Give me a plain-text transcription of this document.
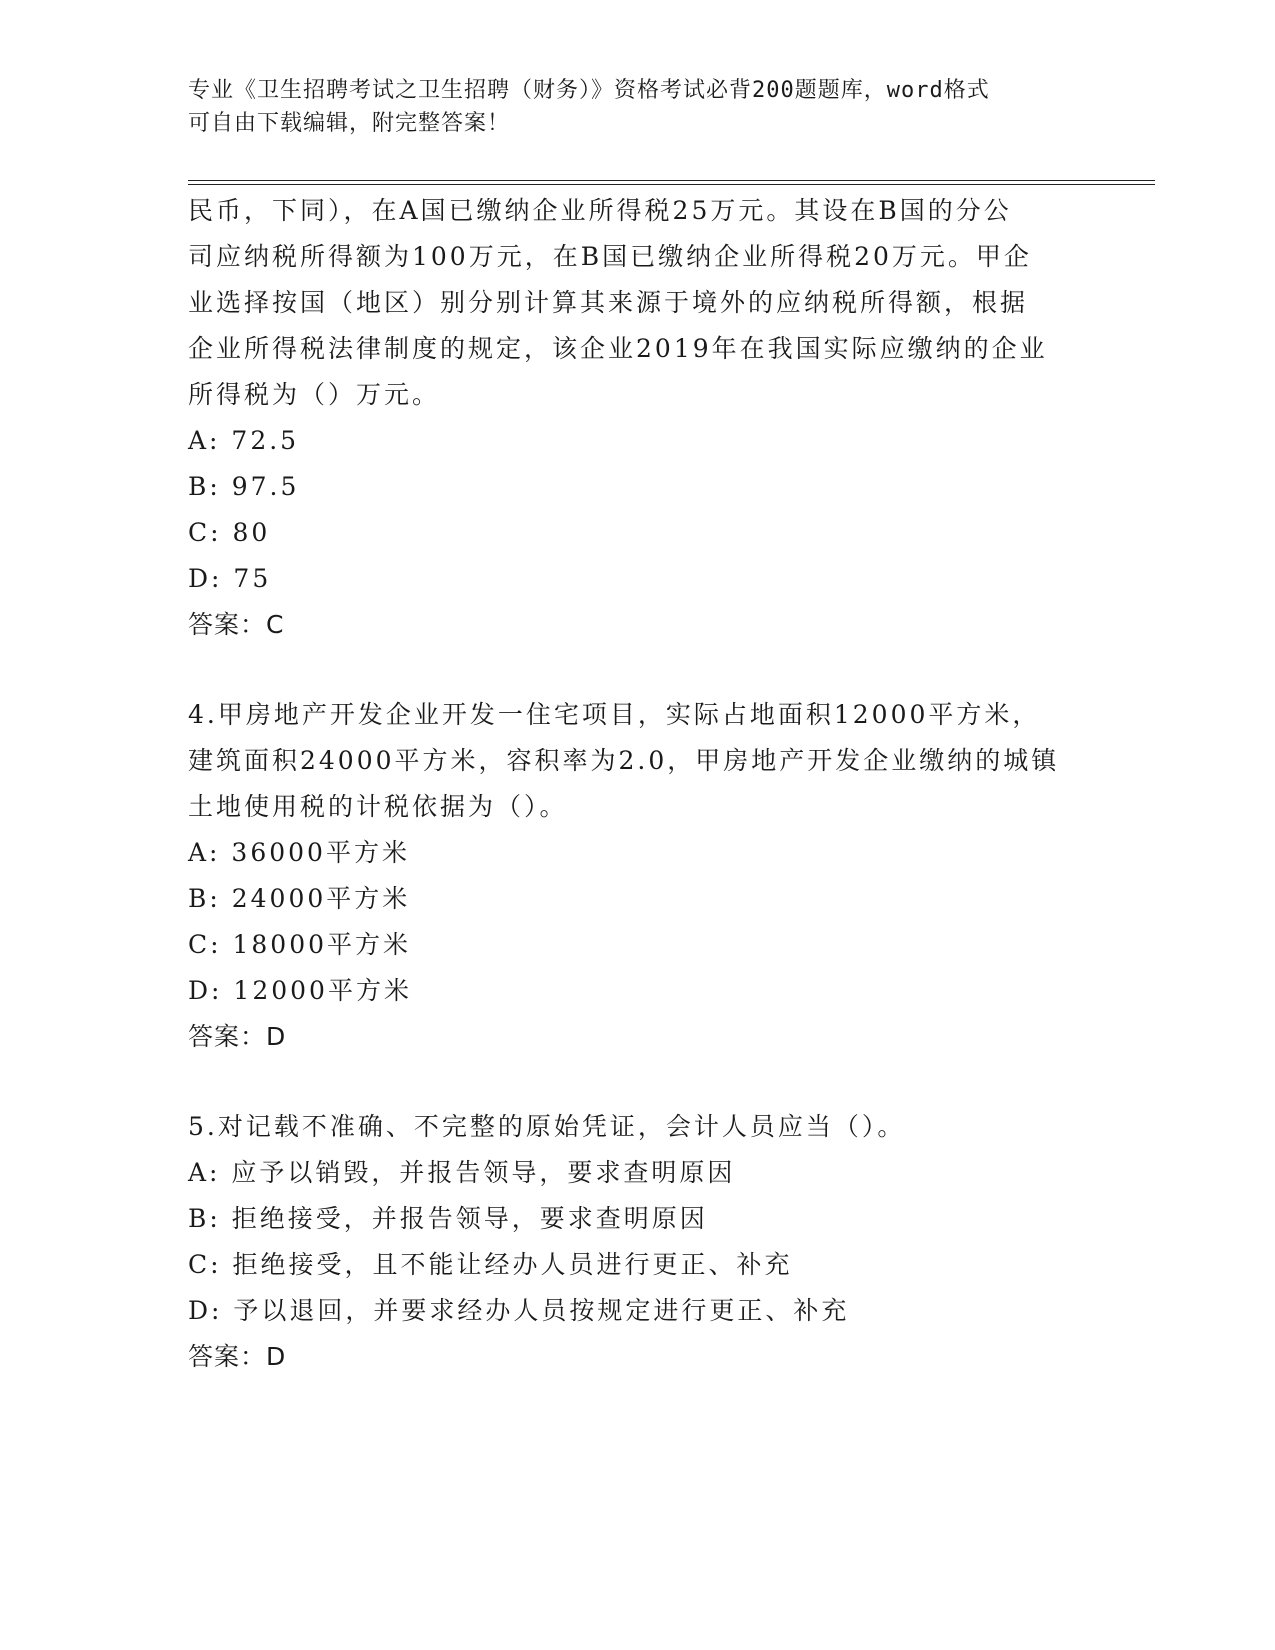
专业《卫生招聘考试之卫生招聘（财务）》资格考试必背200题题库，word格式
可自由下载编辑，附完整答案！
民币，下同），在A国已缴纳企业所得税25万元。其设在B国的分公
司应纳税所得额为100万元，在B国已缴纳企业所得税20万元。甲企
业选择按国（地区）别分别计算其来源于境外的应纳税所得额，根据
企业所得税法律制度的规定，该企业2019年在我国实际应缴纳的企业
所得税为（）万元。
A: 72.5
B: 97.5
C: 80
D: 75
答案：C
4.甲房地产开发企业开发一住宅项目，实际占地面积12000平方米，
建筑面积24000平方米，容积率为2.0，甲房地产开发企业缴纳的城镇
土地使用税的计税依据为（）。
A: 36000平方米
B: 24000平方米
C: 18000平方米
D: 12000平方米
答案：D
5.对记载不准确、不完整的原始凭证，会计人员应当（）。
A: 应予以销毁，并报告领导，要求查明原因
B: 拒绝接受，并报告领导，要求查明原因
C: 拒绝接受，且不能让经办人员进行更正、补充
D: 予以退回，并要求经办人员按规定进行更正、补充
答案：D
